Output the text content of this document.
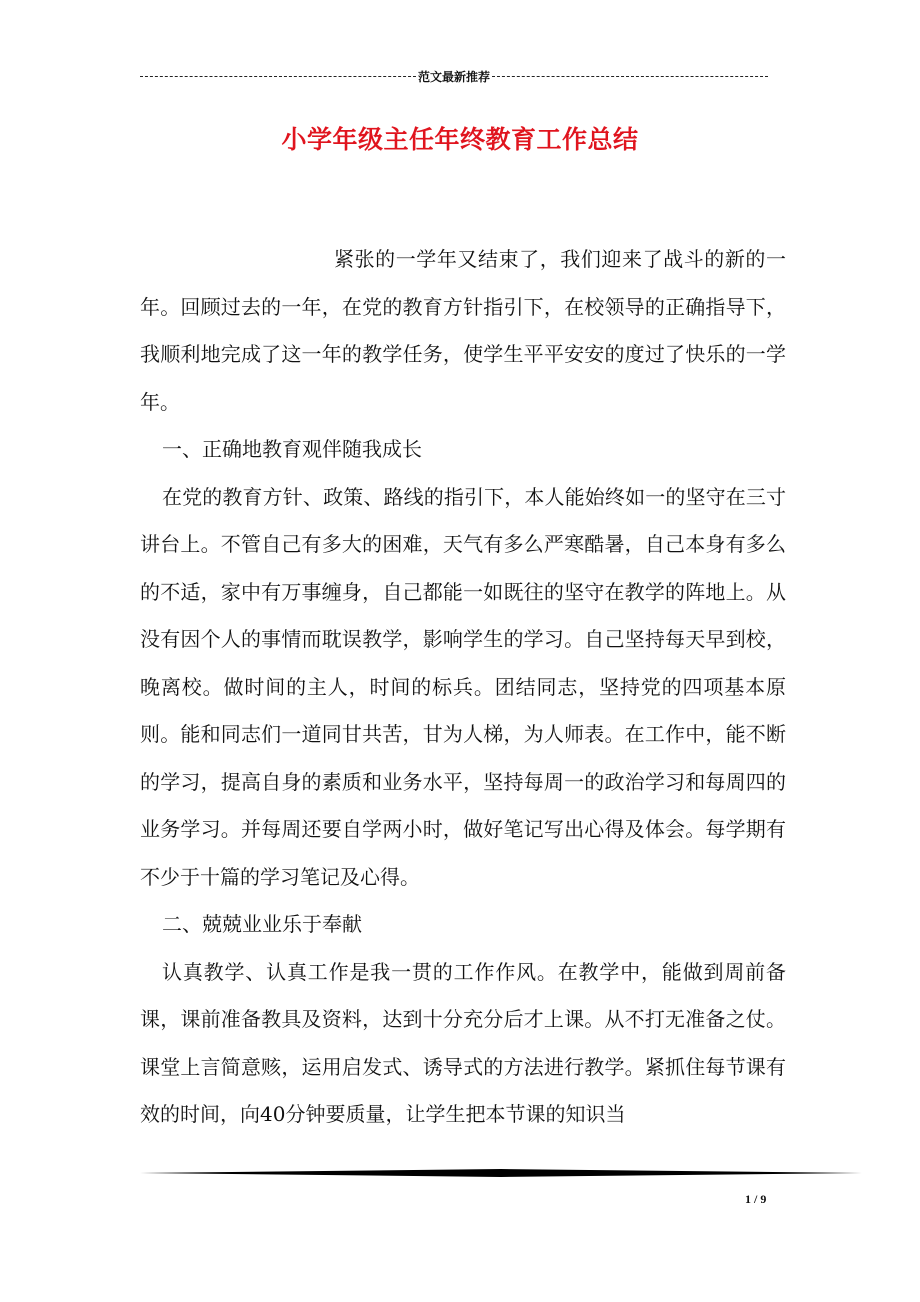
范文最新推荐
小学年级主任年终教育工作总结

紧张的一学年又结束了，我们迎来了战斗的新的一年。回顾过去的一年，在党的教育方针指引下，在校领导的正确指导下，我顺利地完成了这一年的教学任务，使学生平平安安的度过了快乐的一学年。

一、正确地教育观伴随我成长

在党的教育方针、政策、路线的指引下，本人能始终如一的坚守在三寸讲台上。不管自己有多大的困难，天气有多么严寒酷暑，自己本身有多么的不适，家中有万事缠身，自己都能一如既往的坚守在教学的阵地上。从没有因个人的事情而耽误教学，影响学生的学习。自己坚持每天早到校，晚离校。做时间的主人，时间的标兵。团结同志，坚持党的四项基本原则。能和同志们一道同甘共苦，甘为人梯，为人师表。在工作中，能不断的学习，提高自身的素质和业务水平，坚持每周一的政治学习和每周四的业务学习。并每周还要自学两小时，做好笔记写出心得及体会。每学期有不少于十篇的学习笔记及心得。

二、兢兢业业乐于奉献

认真教学、认真工作是我一贯的工作作风。在教学中，能做到周前备课，课前准备教具及资料，达到十分充分后才上课。从不打无准备之仗。课堂上言简意赅，运用启发式、诱导式的方法进行教学。紧抓住每节课有效的时间，向40分钟要质量，让学生把本节课的知识当

1 / 9
